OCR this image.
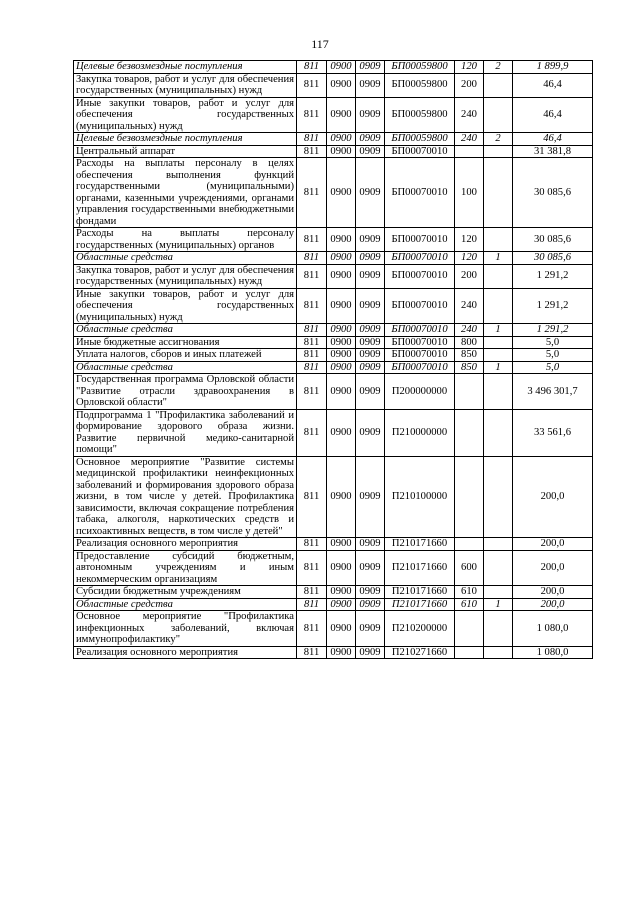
117
Целевые безвозмездные поступления	811	0900	0909	БП00059800	120	2	1 899,9
Закупка товаров, работ и услуг для обеспечения государственных (муниципальных) нужд	811	0900	0909	БП00059800	200		46,4
Иные закупки товаров, работ и услуг для обеспечения государственных (муниципальных) нужд	811	0900	0909	БП00059800	240		46,4
Целевые безвозмездные поступления	811	0900	0909	БП00059800	240	2	46,4
Центральный аппарат	811	0900	0909	БП00070010			31 381,8
Расходы на выплаты персоналу в целях обеспечения выполнения функций государственными (муниципальными) органами, казенными учреждениями, органами управления государственными внебюджетными фондами	811	0900	0909	БП00070010	100		30 085,6
Расходы на выплаты персоналу государственных (муниципальных) органов	811	0900	0909	БП00070010	120		30 085,6
Областные средства	811	0900	0909	БП00070010	120	1	30 085,6
Закупка товаров, работ и услуг для обеспечения государственных (муниципальных) нужд	811	0900	0909	БП00070010	200		1 291,2
Иные закупки товаров, работ и услуг для обеспечения государственных (муниципальных) нужд	811	0900	0909	БП00070010	240		1 291,2
Областные средства	811	0900	0909	БП00070010	240	1	1 291,2
Иные бюджетные ассигнования	811	0900	0909	БП00070010	800		5,0
Уплата налогов, сборов и иных платежей	811	0900	0909	БП00070010	850		5,0
Областные средства	811	0900	0909	БП00070010	850	1	5,0
Государственная программа Орловской области "Развитие отрасли здравоохранения в Орловской области"	811	0900	0909	П200000000			3 496 301,7
Подпрограмма 1 "Профилактика заболеваний и формирование здорового образа жизни. Развитие первичной медико-санитарной помощи"	811	0900	0909	П210000000			33 561,6
Основное мероприятие "Развитие системы медицинской профилактики неинфекционных заболеваний и формирования здорового образа жизни, в том числе у детей. Профилактика зависимости, включая сокращение потребления табака, алкоголя, наркотических средств и психоактивных веществ, в том числе у детей"	811	0900	0909	П210100000			200,0
Реализация основного мероприятия	811	0900	0909	П210171660			200,0
Предоставление субсидий бюджетным, автономным учреждениям и иным некоммерческим организациям	811	0900	0909	П210171660	600		200,0
Субсидии бюджетным учреждениям	811	0900	0909	П210171660	610		200,0
Областные средства	811	0900	0909	П210171660	610	1	200,0
Основное мероприятие "Профилактика инфекционных заболеваний, включая иммунопрофилактику"	811	0900	0909	П210200000			1 080,0
Реализация основного мероприятия	811	0900	0909	П210271660			1 080,0
